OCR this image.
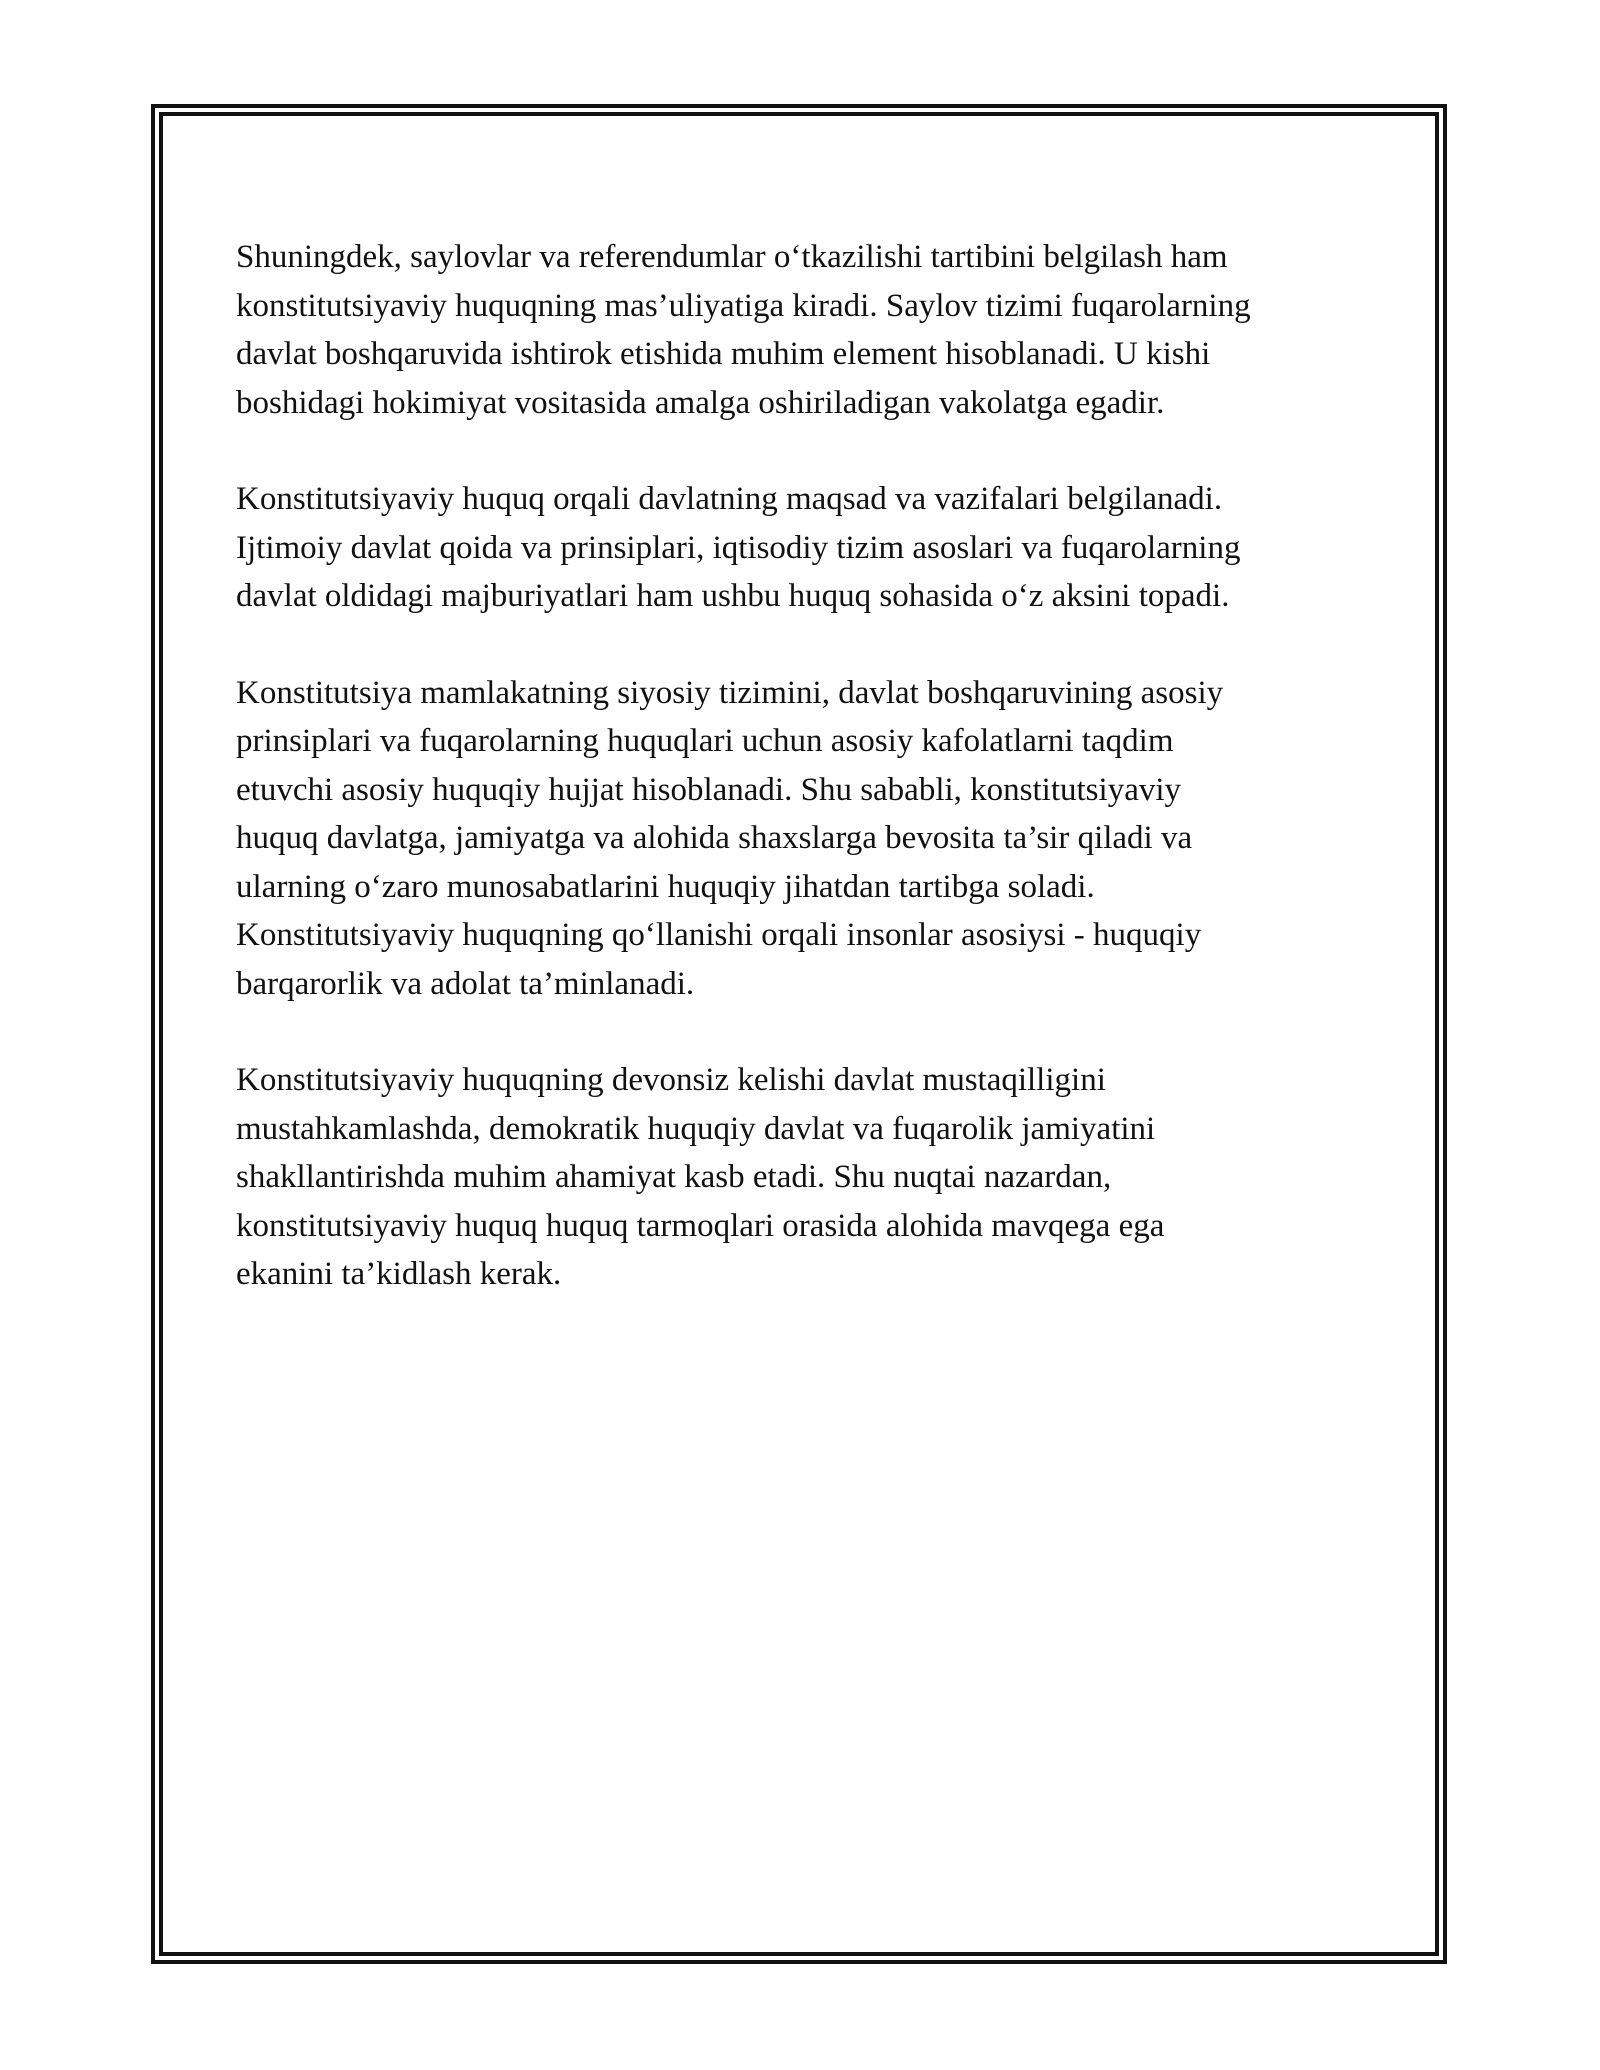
Shuningdek, saylovlar va referendumlar o‘tkazilishi tartibini belgilash ham
konstitutsiyaviy huquqning mas’uliyatiga kiradi. Saylov tizimi fuqarolarning
davlat boshqaruvida ishtirok etishida muhim element hisoblanadi. U kishi
boshidagi hokimiyat vositasida amalga oshiriladigan vakolatga egadir.

Konstitutsiyaviy huquq orqali davlatning maqsad va vazifalari belgilanadi.
Ijtimoiy davlat qoida va prinsiplari, iqtisodiy tizim asoslari va fuqarolarning
davlat oldidagi majburiyatlari ham ushbu huquq sohasida o‘z aksini topadi.

Konstitutsiya mamlakatning siyosiy tizimini, davlat boshqaruvining asosiy
prinsiplari va fuqarolarning huquqlari uchun asosiy kafolatlarni taqdim
etuvchi asosiy huquqiy hujjat hisoblanadi. Shu sababli, konstitutsiyaviy
huquq davlatga, jamiyatga va alohida shaxslarga bevosita ta’sir qiladi va
ularning o‘zaro munosabatlarini huquqiy jihatdan tartibga soladi.
Konstitutsiyaviy huquqning qo‘llanishi orqali insonlar asosiysi - huquqiy
barqarorlik va adolat ta’minlanadi.

Konstitutsiyaviy huquqning devonsiz kelishi davlat mustaqilligini
mustahkamlashda, demokratik huquqiy davlat va fuqarolik jamiyatini
shakllantirishda muhim ahamiyat kasb etadi. Shu nuqtai nazardan,
konstitutsiyaviy huquq huquq tarmoqlari orasida alohida mavqega ega
ekanini ta’kidlash kerak.
